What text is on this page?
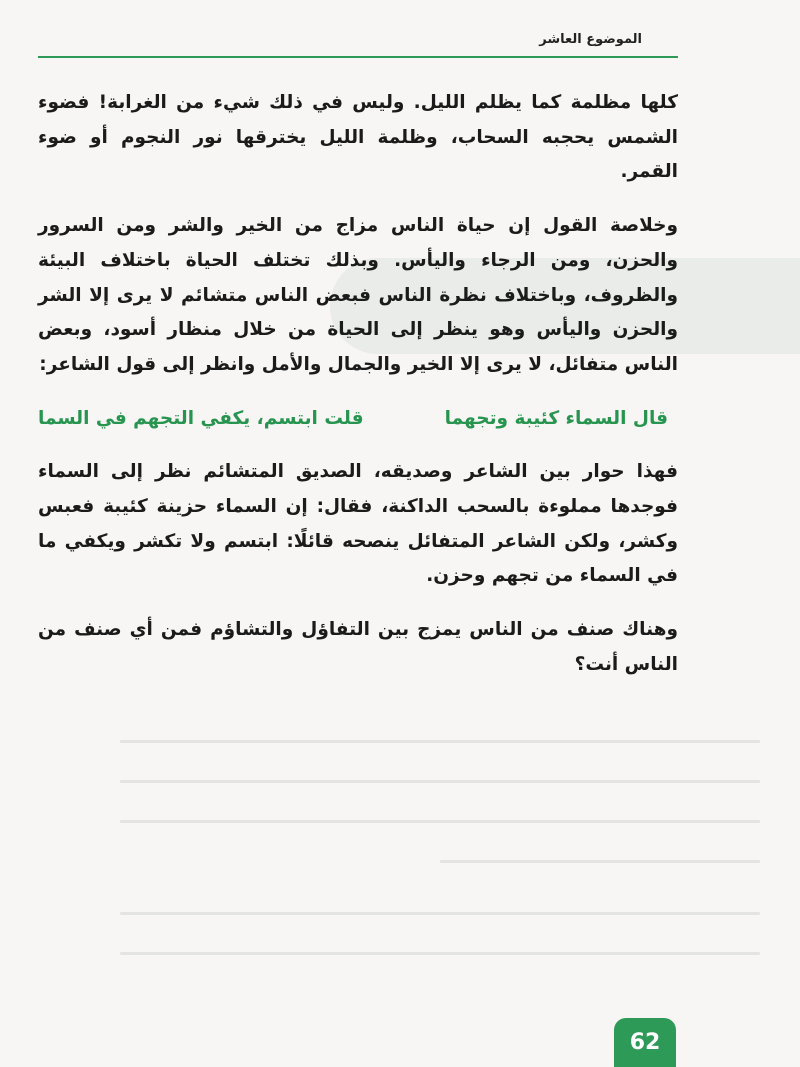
الموضوع العاشر

كلها مظلمة كما يظلم الليل. وليس في ذلك شيء من الغرابة! فضوء الشمس يحجبه السحاب، وظلمة الليل يخترقها نور النجوم أو ضوء القمر.

وخلاصة القول إن حياة الناس مزاج من الخير والشر ومن السرور والحزن، ومن الرجاء واليأس. وبذلك تختلف الحياة باختلاف البيئة والظروف، وباختلاف نظرة الناس فبعض الناس متشائم لا يرى إلا الشر والحزن واليأس وهو ينظر إلى الحياة من خلال منظار أسود، وبعض الناس متفائل، لا يرى إلا الخير والجمال والأمل وانظر إلى قول الشاعر:

قال السماء كئيبة وتجهما
قلت ابتسم، يكفي التجهم في السما

فهذا حوار بين الشاعر وصديقه، الصديق المتشائم نظر إلى السماء فوجدها مملوءة بالسحب الداكنة، فقال: إن السماء حزينة كئيبة فعبس وكشر، ولكن الشاعر المتفائل ينصحه قائلًا: ابتسم ولا تكشر ويكفي ما في السماء من تجهم وحزن.

وهناك صنف من الناس يمزج بين التفاؤل والتشاؤم فمن أي صنف من الناس أنت؟

62
